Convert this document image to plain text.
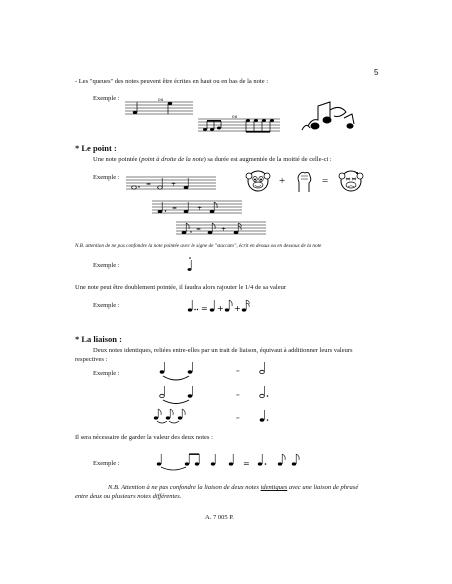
5
- Les "queues" des notes peuvent être écrites en haut ou en bas de la note :
Exemple :	ou
ou
* Le point :
Une note pointée (point à droite de la note) sa durée est augmentée de la moitié de celle-ci :
Exemple :
=	+
=	+
=	+
+	=
N.B. attention de ne pas confondre la note pointée avec le signe de "staccato", écrit en dessus ou en dessous de la note
Exemple :
Une note peut être doublement pointée, il faudra alors rajouter le 1/4 de sa valeur
Exemple :	= + +
* La liaison :
Deux notes identiques, reliées entre-elles par un trait de liaison, équivaut à additionner leurs valeurs
respectives :
Exemple :	=
=
=
Il sera nécessaire de garder la valeur des deux notes :
Exemple :	=
N.B. Attention à ne pas confondre la liaison de deux notes identiques avec une liaison de phrasé
entre deux ou plusieurs notes différentes.
A. 7 005 P.
